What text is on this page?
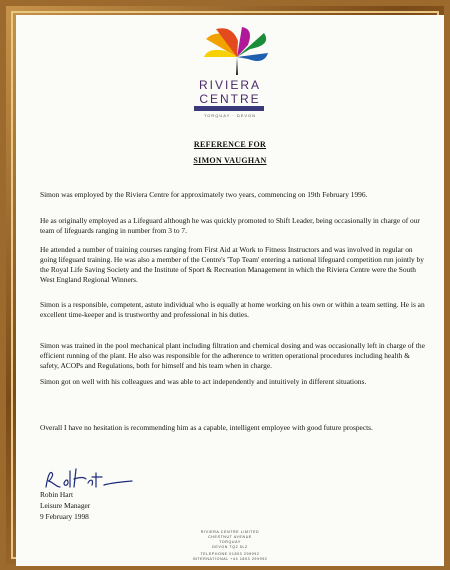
RIVIERA CENTRE
TORQUAY · DEVON
REFERENCE FOR
SIMON VAUGHAN

Simon was employed by the Riviera Centre for approximately two years, commencing on 19th February 1996.

He as originally employed as a Lifeguard although he was quickly promoted to Shift Leader, being occasionally in charge of our team of lifeguards ranging in number from 3 to 7.

He attended a number of training courses ranging from First Aid at Work to Fitness Instructors and was involved in regular on going lifeguard training. He was also a member of the Centre's 'Top Team' entering a national lifeguard competition run jointly by the Royal Life Saving Society and the Institute of Sport & Recreation Management in which the Riviera Centre were the South West England Regional Winners.

Simon is a responsible, competent, astute individual who is equally at home working on his own or within a team setting. He is an excellent time-keeper and is trustworthy and professional in his duties.

Simon was trained in the pool mechanical plant including filtration and chemical dosing and was occasionally left in charge of the efficient running of the plant. He also was responsible for the adherence to written operational procedures including health & safety, ACOPs and Regulations, both for himself and his team when in charge.

Simon got on well with his colleagues and was able to act independently and intuitively in different situations.

Overall I have no hesitation is recommending him as a capable, intelligent employee with good future prospects.

Robin Hart
Leisure Manager
9 February 1998
RIVIERA CENTRE LIMITED
CHESTNUT AVENUE
TORQUAY
DEVON TQ2 5LZ
TELEPHONE 01803 299992
INTERNATIONAL +44 1803 299992
